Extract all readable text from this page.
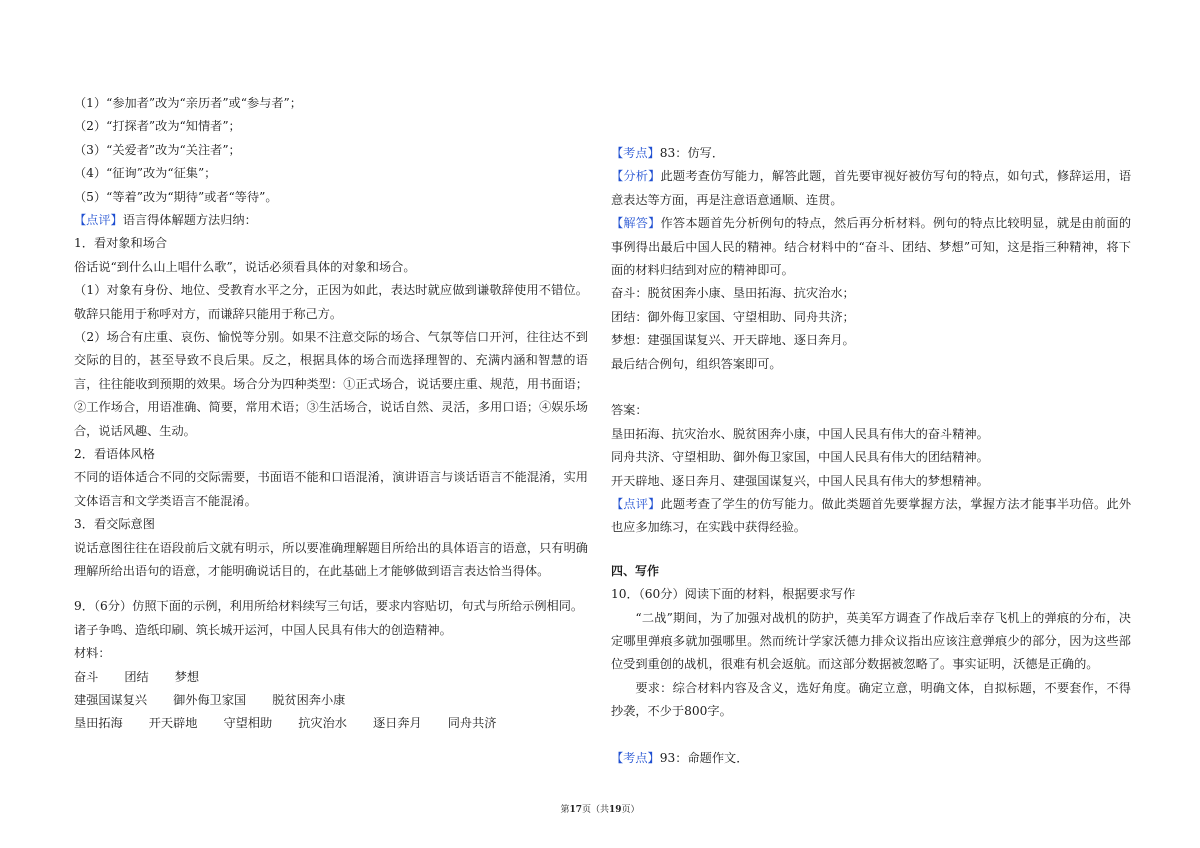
（1）“参加者”改为“亲历者”或“参与者”；
（2）“打探者”改为“知情者”；
（3）“关爱者”改为“关注者”；
（4）“征询”改为“征集”；
（5）“等着”改为“期待”或者“等待”。
【点评】语言得体解题方法归纳：
1．看对象和场合
俗话说“到什么山上唱什么歌”，说话必须看具体的对象和场合。
（1）对象有身份、地位、受教育水平之分，正因为如此，表达时就应做到谦敬辞使用不错位。敬辞只能用于称呼对方，而谦辞只能用于称己方。
（2）场合有庄重、哀伤、愉悦等分别。如果不注意交际的场合、气氛等信口开河，往往达不到交际的目的，甚至导致不良后果。反之，根据具体的场合而选择理智的、充满内涵和智慧的语言，往往能收到预期的效果。场合分为四种类型：①正式场合，说话要庄重、规范，用书面语；②工作场合，用语准确、简要，常用术语；③生活场合，说话自然、灵活，多用口语；④娱乐场合，说话风趣、生动。
2．看语体风格
不同的语体适合不同的交际需要，书面语不能和口语混淆，演讲语言与谈话语言不能混淆，实用文体语言和文学类语言不能混淆。
3．看交际意图
说话意图往往在语段前后文就有明示，所以要准确理解题目所给出的具体语言的语意，只有明确理解所给出语句的语意，才能明确说话目的，在此基础上才能够做到语言表达恰当得体。
9．（6分）仿照下面的示例，利用所给材料续写三句话，要求内容贴切，句式与所给示例相同。
诸子争鸣、造纸印刷、筑长城开运河，中国人民具有伟大的创造精神。
材料：
奋斗 团结 梦想
建强国谋复兴 御外侮卫家国 脱贫困奔小康
垦田拓海 开天辟地 守望相助 抗灾治水 逐日奔月 同舟共济
【考点】83：仿写．
【分析】此题考查仿写能力，解答此题，首先要审视好被仿写句的特点，如句式，修辞运用，语意表达等方面，再是注意语意通顺、连贯。
【解答】作答本题首先分析例句的特点，然后再分析材料。例句的特点比较明显，就是由前面的事例得出最后中国人民的精神。结合材料中的“奋斗、团结、梦想”可知，这是指三种精神，将下面的材料归结到对应的精神即可。
奋斗：脱贫困奔小康、垦田拓海、抗灾治水；
团结：御外侮卫家国、守望相助、同舟共济；
梦想：建强国谋复兴、开天辟地、逐日奔月。
最后结合例句，组织答案即可。
答案：
垦田拓海、抗灾治水、脱贫困奔小康，中国人民具有伟大的奋斗精神。
同舟共济、守望相助、御外侮卫家国，中国人民具有伟大的团结精神。
开天辟地、逐日奔月、建强国谋复兴，中国人民具有伟大的梦想精神。
【点评】此题考查了学生的仿写能力。做此类题首先要掌握方法，掌握方法才能事半功倍。此外也应多加练习，在实践中获得经验。
四、写作
10．（60分）阅读下面的材料，根据要求写作
“二战”期间，为了加强对战机的防护，英美军方调查了作战后幸存飞机上的弹痕的分布，决定哪里弹痕多就加强哪里。然而统计学家沃德力排众议指出应该注意弹痕少的部分，因为这些部位受到重创的战机，很难有机会返航。而这部分数据被忽略了。事实证明，沃德是正确的。
要求：综合材料内容及含义，选好角度。确定立意，明确文体，自拟标题，不要套作，不得抄袭，不少于800字。
【考点】93：命题作文．
第17页（共19页）
